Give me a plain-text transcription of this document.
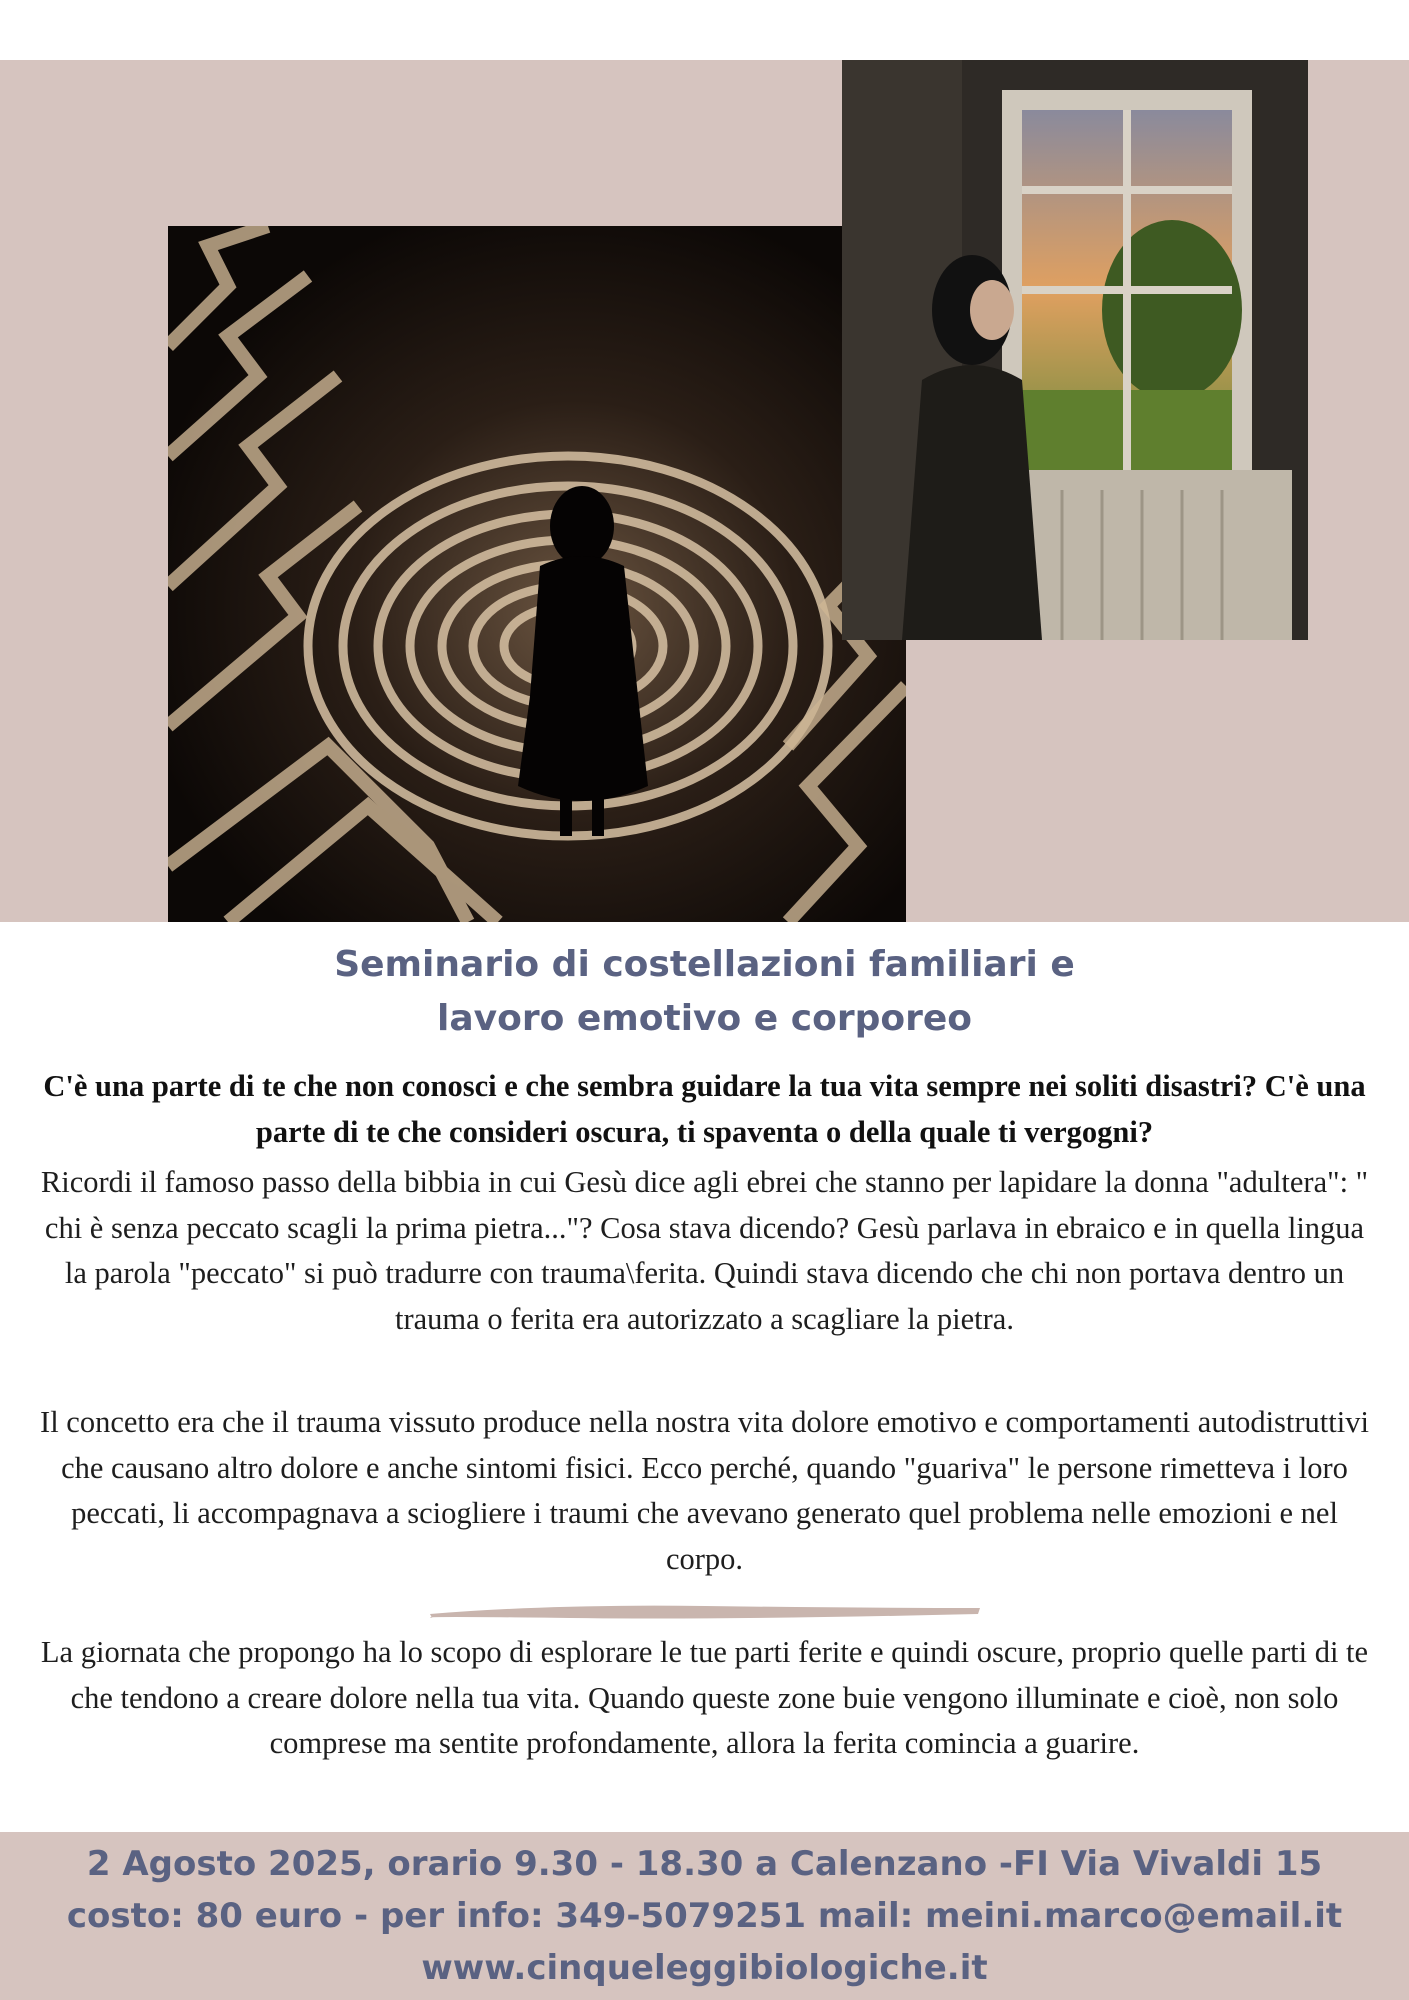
Seminario di costellazioni familiari e
lavoro emotivo e corporeo
C'è una parte di te che non conosci e che sembra guidare la tua vita sempre nei soliti disastri? C'è una parte di te che consideri oscura, ti spaventa o della quale ti vergogni?
Ricordi il famoso passo della bibbia in cui Gesù dice agli ebrei che stanno per lapidare la donna "adultera": " chi è senza peccato scagli la prima pietra..."? Cosa stava dicendo? Gesù parlava in ebraico e in quella lingua la parola "peccato" si può tradurre con trauma\ferita. Quindi stava dicendo che chi non portava dentro un trauma o ferita era autorizzato a scagliare la pietra.
Il concetto era che il trauma vissuto produce nella nostra vita dolore emotivo e comportamenti autodistruttivi che causano altro dolore e anche sintomi fisici. Ecco perché, quando "guariva" le persone rimetteva i loro peccati, li accompagnava a sciogliere i traumi che avevano generato quel problema nelle emozioni e nel corpo.
La giornata che propongo ha lo scopo di esplorare le tue parti ferite e quindi oscure, proprio quelle parti di te che tendono a creare dolore nella tua vita. Quando queste zone buie vengono illuminate e cioè, non solo comprese ma sentite profondamente, allora la ferita comincia a guarire.
2 Agosto 2025, orario 9.30 - 18.30 a Calenzano -FI Via Vivaldi 15
costo: 80 euro - per info: 349-5079251 mail: meini.marco@email.it
www.cinqueleggibiologiche.it
